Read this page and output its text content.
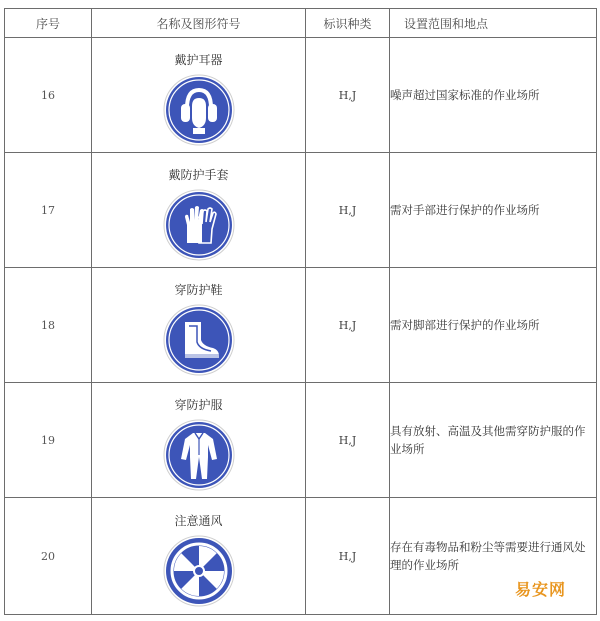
序号	名称及图形符号	标识种类	设置范围和地点
16	戴护耳器	H,J	噪声超过国家标准的作业场所
17	戴防护手套	H,J	需对手部进行保护的作业场所
18	穿防护鞋	H,J	需对脚部进行保护的作业场所
19	穿防护服	H,J	具有放射、高温及其他需穿防护服的作业场所
20	注意通风	H,J	存在有毒物品和粉尘等需要进行通风处理的作业场所
易安网
